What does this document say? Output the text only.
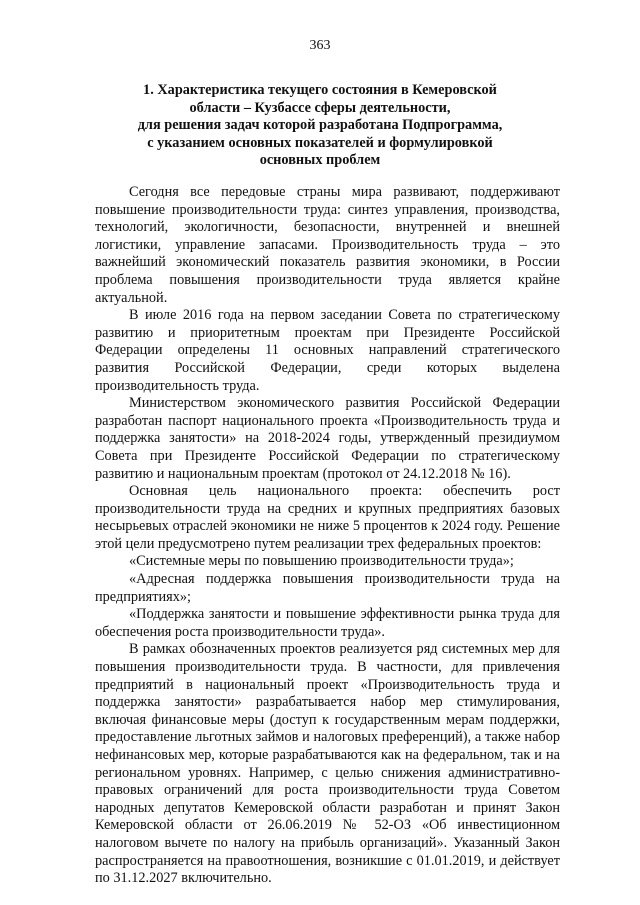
363
1. Характеристика текущего состояния в Кемеровской
области – Кузбассе сферы деятельности,
для решения задач которой разработана Подпрограмма,
с указанием основных показателей и формулировкой
основных проблем

Сегодня все передовые страны мира развивают, поддерживают повышение производительности труда: синтез управления, производства, технологий, экологичности, безопасности, внутренней и внешней логистики, управление запасами. Производительность труда – это важнейший экономический показатель развития экономики, в России проблема повышения производительности труда является крайне актуальной.

В июле 2016 года на первом заседании Совета по стратегическому развитию и приоритетным проектам при Президенте Российской Федерации определены 11 основных направлений стратегического развития Российской Федерации, среди которых выделена производительность труда.

Министерством экономического развития Российской Федерации разработан паспорт национального проекта «Производительность труда и поддержка занятости» на 2018-2024 годы, утвержденный президиумом Совета при Президенте Российской Федерации по стратегическому развитию и национальным проектам (протокол от 24.12.2018 № 16).

Основная цель национального проекта: обеспечить рост производительности труда на средних и крупных предприятиях базовых несырьевых отраслей экономики не ниже 5 процентов к 2024 году. Решение этой цели предусмотрено путем реализации трех федеральных проектов:

«Системные меры по повышению производительности труда»;

«Адресная поддержка повышения производительности труда на предприятиях»;

«Поддержка занятости и повышение эффективности рынка труда для обеспечения роста производительности труда».

В рамках обозначенных проектов реализуется ряд системных мер для повышения производительности труда. В частности, для привлечения предприятий в национальный проект «Производительность труда и поддержка занятости» разрабатывается набор мер стимулирования, включая финансовые меры (доступ к государственным мерам поддержки, предоставление льготных займов и налоговых преференций), а также набор нефинансовых мер, которые разрабатываются как на федеральном, так и на региональном уровнях. Например, с целью снижения административно-правовых ограничений для роста производительности труда Советом народных депутатов Кемеровской области разработан и принят Закон Кемеровской области от 26.06.2019 № 52-ОЗ «Об инвестиционном налоговом вычете по налогу на прибыль организаций». Указанный Закон распространяется на правоотношения, возникшие с 01.01.2019, и действует по 31.12.2027 включительно.
